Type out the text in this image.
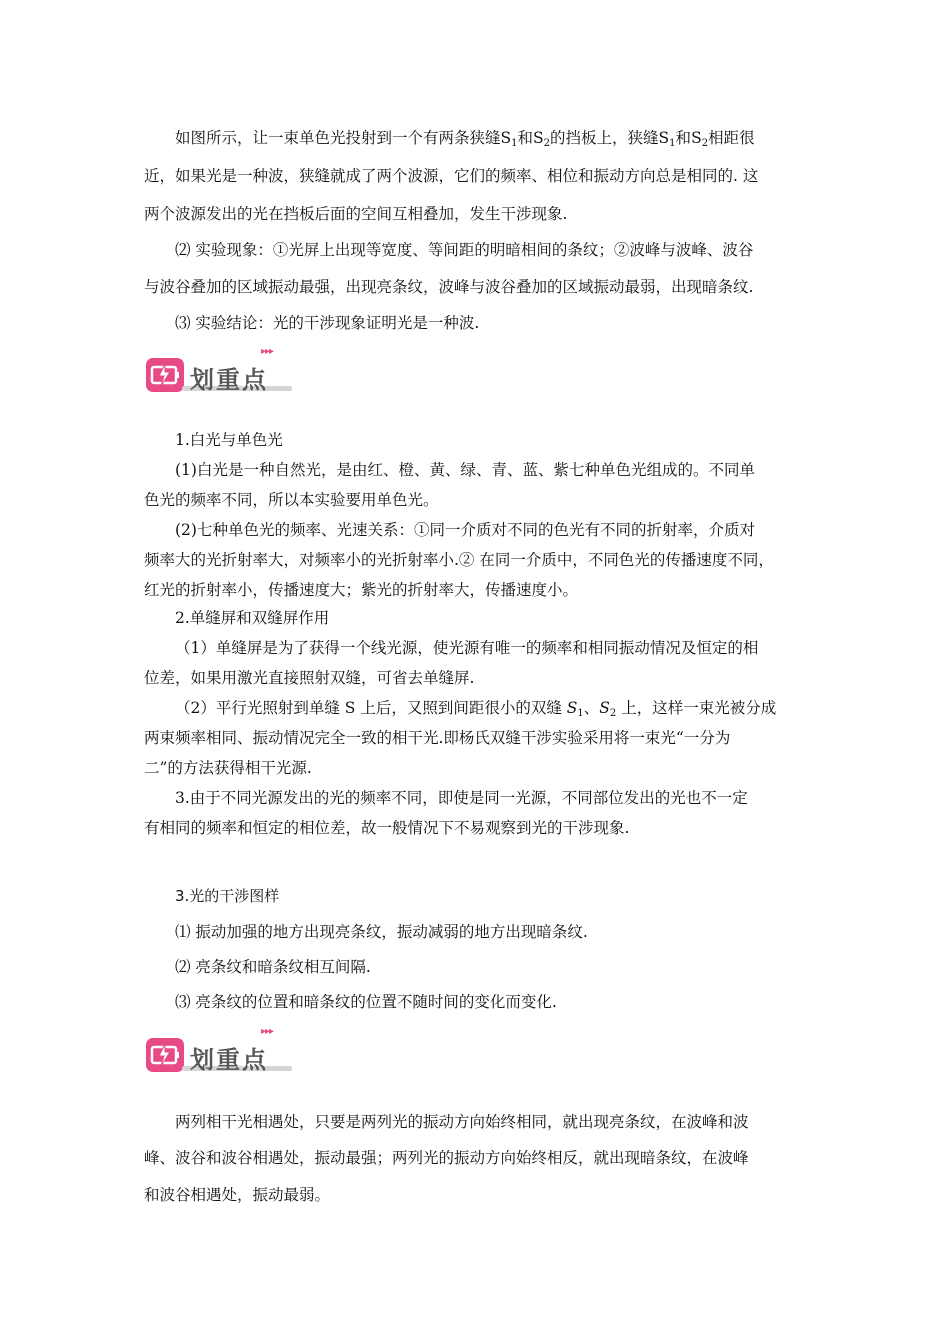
如图所示，让一束单色光投射到一个有两条狭缝$S_1$和$S_2$的挡板上，狭缝$S_1$和$S_2$相距很
近，如果光是一种波，狭缝就成了两个波源，它们的频率、相位和振动方向总是相同的. 这
两个波源发出的光在挡板后面的空间互相叠加，发生干涉现象.
⑵ 实验现象：①光屏上出现等宽度、等间距的明暗相间的条纹；②波峰与波峰、波谷
与波谷叠加的区域振动最强，出现亮条纹，波峰与波谷叠加的区域振动最弱，出现暗条纹.
⑶ 实验结论：光的干涉现象证明光是一种波.
划重点
▸▸▸
1.白光与单色光
(1)白光是一种自然光，是由红、橙、黄、绿、青、蓝、紫七种单色光组成的。不同单
色光的频率不同，所以本实验要用单色光。
(2)七种单色光的频率、光速关系：①同一介质对不同的色光有不同的折射率，介质对
频率大的光折射率大，对频率小的光折射率小.② 在同一介质中，不同色光的传播速度不同，
红光的折射率小，传播速度大；紫光的折射率大，传播速度小。
2.单缝屏和双缝屏作用
（1）单缝屏是为了获得一个线光源，使光源有唯一的频率和相同振动情况及恒定的相
位差，如果用激光直接照射双缝，可省去单缝屏.
（2）平行光照射到单缝 S 上后，又照到间距很小的双缝 $S_1$、$S_2$ 上，这样一束光被分成
两束频率相同、振动情况完全一致的相干光.即杨氏双缝干涉实验采用将一束光“一分为
二”的方法获得相干光源.
3.由于不同光源发出的光的频率不同，即使是同一光源，不同部位发出的光也不一定
有相同的频率和恒定的相位差，故一般情况下不易观察到光的干涉现象.
3.光的干涉图样
⑴ 振动加强的地方出现亮条纹，振动减弱的地方出现暗条纹.
⑵ 亮条纹和暗条纹相互间隔.
⑶ 亮条纹的位置和暗条纹的位置不随时间的变化而变化.
划重点
▸▸▸
两列相干光相遇处，只要是两列光的振动方向始终相同，就出现亮条纹，在波峰和波
峰、波谷和波谷相遇处，振动最强；两列光的振动方向始终相反，就出现暗条纹，在波峰
和波谷相遇处，振动最弱。
